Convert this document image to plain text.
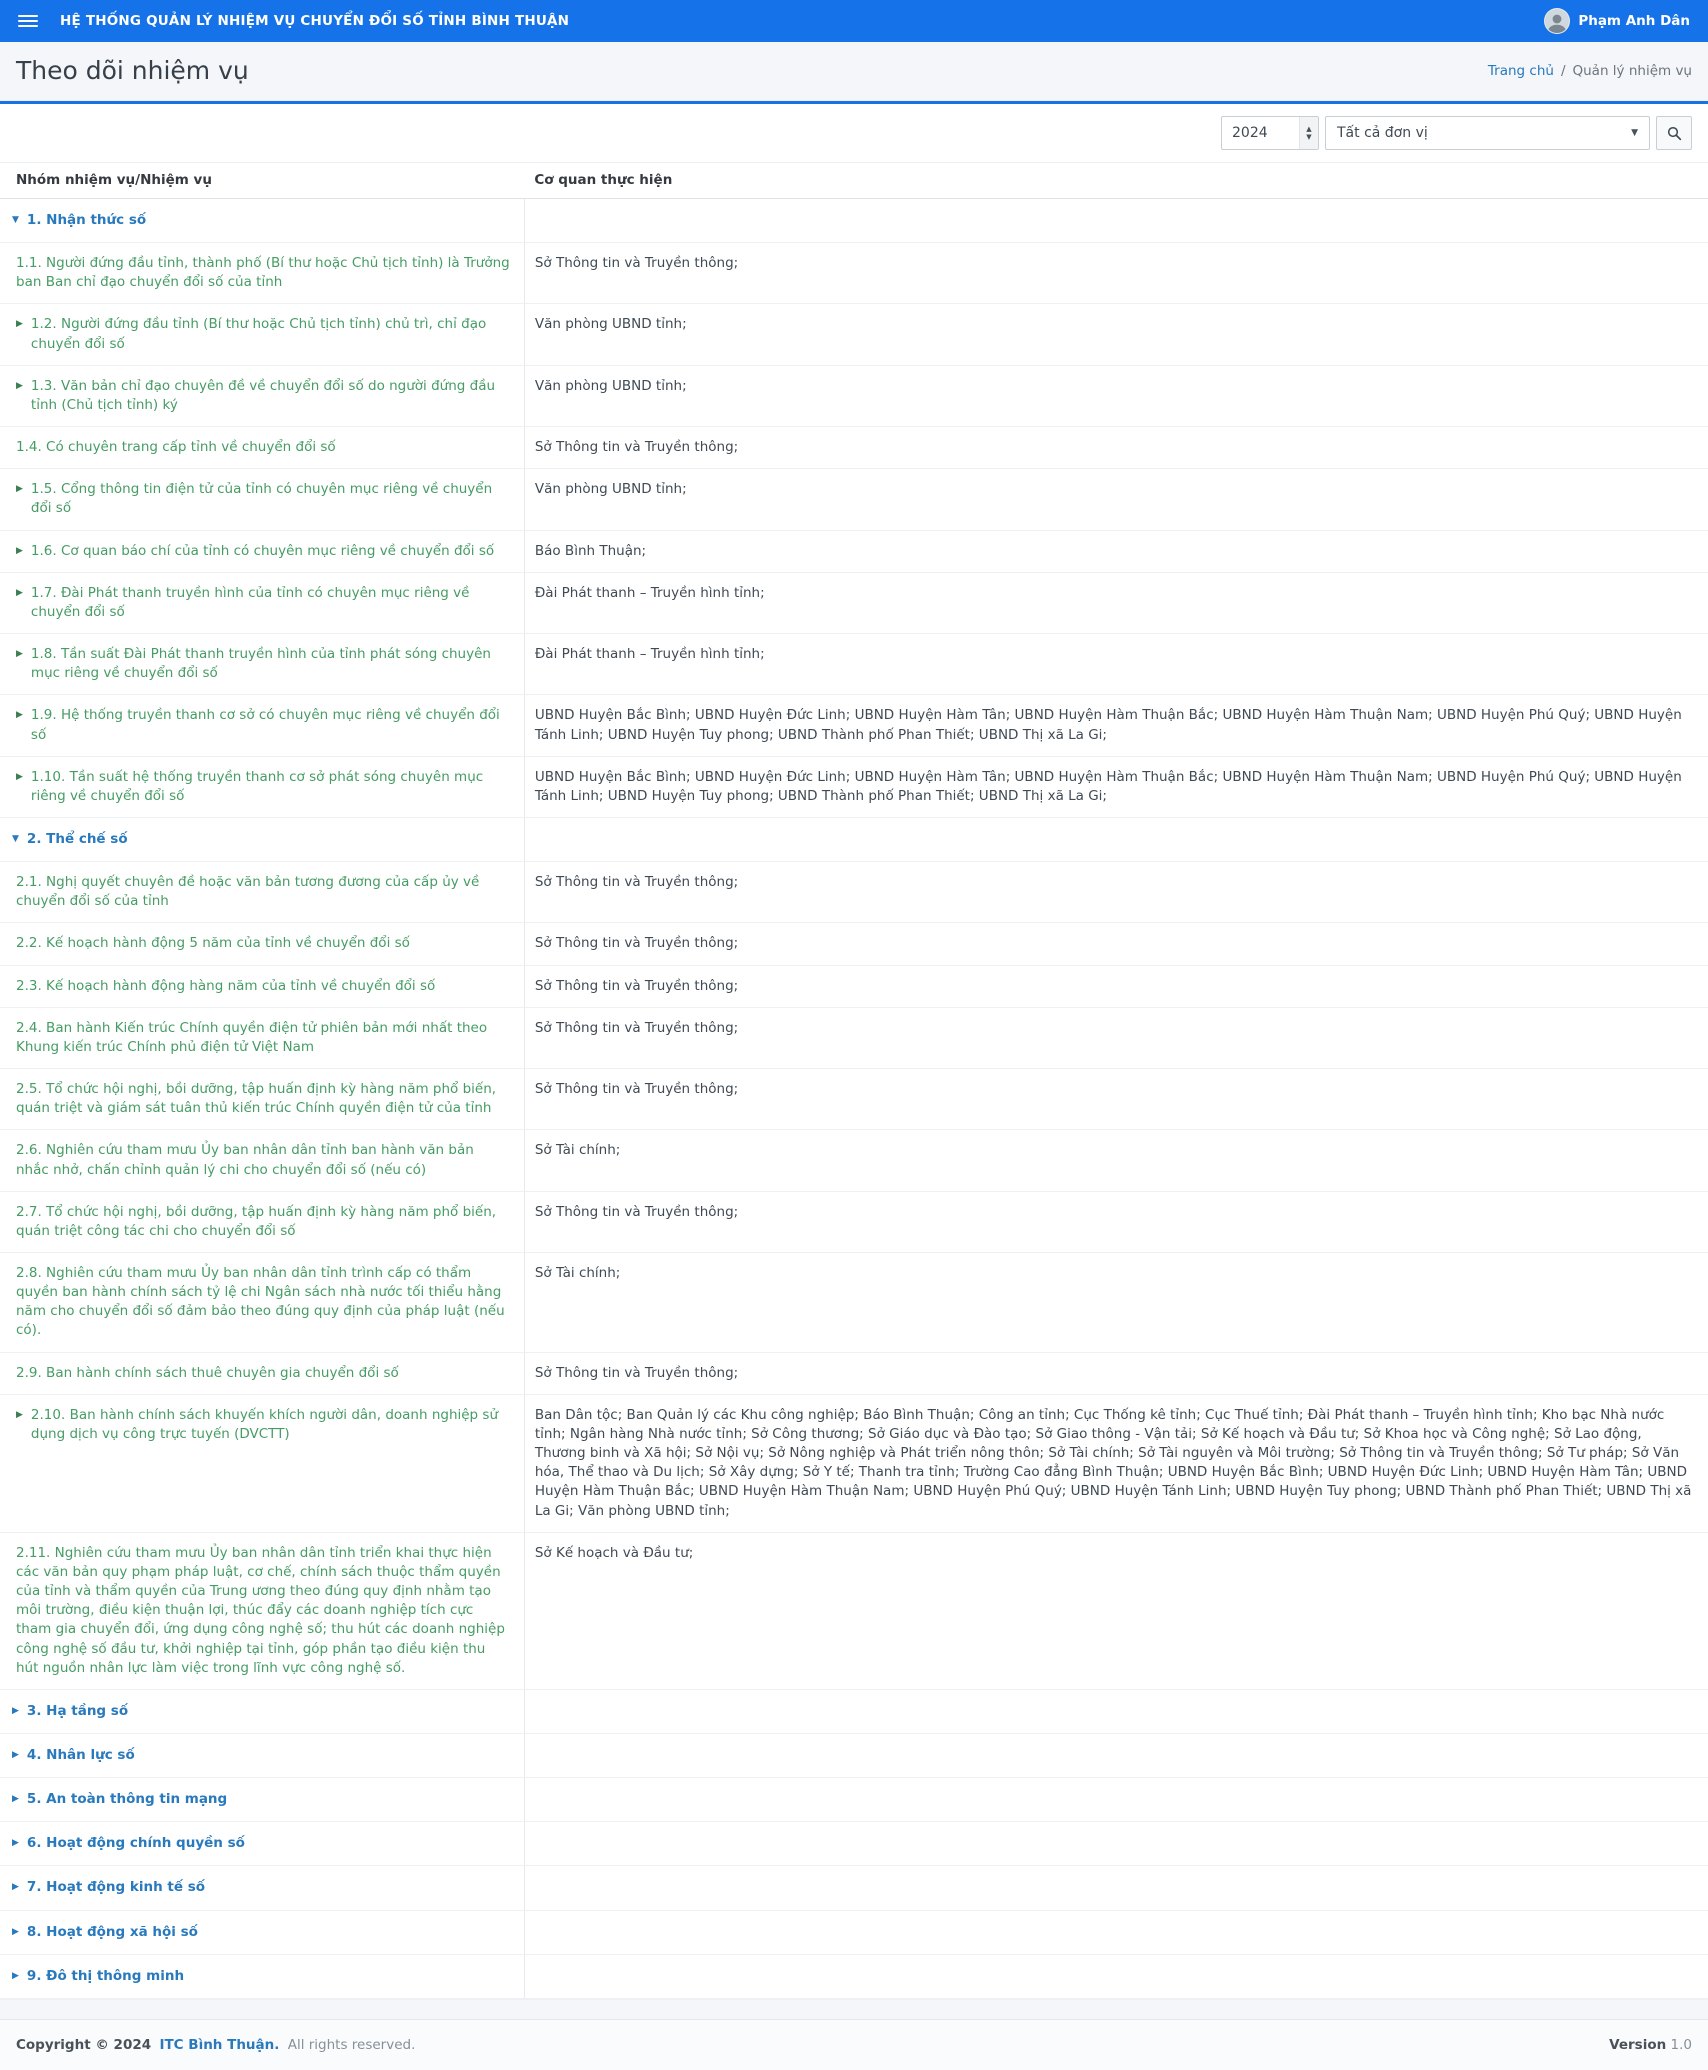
HỆ THỐNG QUẢN LÝ NHIỆM VỤ CHUYỂN ĐỔI SỐ TỈNH BÌNH THUẬN	Phạm Anh Dân
Theo dõi nhiệm vụ	Trang chủ / Quản lý nhiệm vụ
2024	▲
▼ Tất cả đơn vị	▼
Nhóm nhiệm vụ/Nhiệm vụ	Cơ quan thực hiện

▼ 1. Nhận thức số	

1.1. Người đứng đầu tỉnh, thành phố (Bí thư hoặc Chủ tịch tỉnh) là Trưởng ban Ban chỉ đạo chuyển đổi số của tỉnh	Sở Thông tin và Truyền thông;

▶ 1.2. Người đứng đầu tỉnh (Bí thư hoặc Chủ tịch tỉnh) chủ trì, chỉ đạo chuyển đổi số	Văn phòng UBND tỉnh;

▶ 1.3. Văn bản chỉ đạo chuyên đề về chuyển đổi số do người đứng đầu tỉnh (Chủ tịch tỉnh) ký	Văn phòng UBND tỉnh;

1.4. Có chuyên trang cấp tỉnh về chuyển đổi số	Sở Thông tin và Truyền thông;

▶ 1.5. Cổng thông tin điện tử của tỉnh có chuyên mục riêng về chuyển đổi số	Văn phòng UBND tỉnh;

▶ 1.6. Cơ quan báo chí của tỉnh có chuyên mục riêng về chuyển đổi số	Báo Bình Thuận;

▶ 1.7. Đài Phát thanh truyền hình của tỉnh có chuyên mục riêng về chuyển đổi số	Đài Phát thanh – Truyền hình tỉnh;

▶ 1.8. Tần suất Đài Phát thanh truyền hình của tỉnh phát sóng chuyên mục riêng về chuyển đổi số	Đài Phát thanh – Truyền hình tỉnh;

▶ 1.9. Hệ thống truyền thanh cơ sở có chuyên mục riêng về chuyển đổi số	UBND Huyện Bắc Bình; UBND Huyện Đức Linh; UBND Huyện Hàm Tân; UBND Huyện Hàm Thuận Bắc; UBND Huyện Hàm Thuận Nam; UBND Huyện Phú Quý; UBND Huyện Tánh Linh; UBND Huyện Tuy phong; UBND Thành phố Phan Thiết; UBND Thị xã La Gi;

▶ 1.10. Tần suất hệ thống truyền thanh cơ sở phát sóng chuyên mục riêng về chuyển đổi số	UBND Huyện Bắc Bình; UBND Huyện Đức Linh; UBND Huyện Hàm Tân; UBND Huyện Hàm Thuận Bắc; UBND Huyện Hàm Thuận Nam; UBND Huyện Phú Quý; UBND Huyện Tánh Linh; UBND Huyện Tuy phong; UBND Thành phố Phan Thiết; UBND Thị xã La Gi;

▼ 2. Thể chế số	

2.1. Nghị quyết chuyên đề hoặc văn bản tương đương của cấp ủy về chuyển đổi số của tỉnh	Sở Thông tin và Truyền thông;

2.2. Kế hoạch hành động 5 năm của tỉnh về chuyển đổi số	Sở Thông tin và Truyền thông;

2.3. Kế hoạch hành động hàng năm của tỉnh về chuyển đổi số	Sở Thông tin và Truyền thông;

2.4. Ban hành Kiến trúc Chính quyền điện tử phiên bản mới nhất theo Khung kiến trúc Chính phủ điện tử Việt Nam	Sở Thông tin và Truyền thông;

2.5. Tổ chức hội nghị, bồi dưỡng, tập huấn định kỳ hàng năm phổ biến, quán triệt và giám sát tuân thủ kiến trúc Chính quyền điện tử của tỉnh	Sở Thông tin và Truyền thông;

2.6. Nghiên cứu tham mưu Ủy ban nhân dân tỉnh ban hành văn bản nhắc nhở, chấn chỉnh quản lý chi cho chuyển đổi số (nếu có)	Sở Tài chính;

2.7. Tổ chức hội nghị, bồi dưỡng, tập huấn định kỳ hàng năm phổ biến, quán triệt công tác chi cho chuyển đổi số	Sở Thông tin và Truyền thông;

2.8. Nghiên cứu tham mưu Ủy ban nhân dân tỉnh trình cấp có thẩm quyền ban hành chính sách tỷ lệ chi Ngân sách nhà nước tối thiểu hằng năm cho chuyển đổi số đảm bảo theo đúng quy định của pháp luật (nếu có).	Sở Tài chính;

2.9. Ban hành chính sách thuê chuyên gia chuyển đổi số	Sở Thông tin và Truyền thông;

▶ 2.10. Ban hành chính sách khuyến khích người dân, doanh nghiệp sử dụng dịch vụ công trực tuyến (DVCTT)	Ban Dân tộc; Ban Quản lý các Khu công nghiệp; Báo Bình Thuận; Công an tỉnh; Cục Thống kê tỉnh; Cục Thuế tỉnh; Đài Phát thanh – Truyền hình tỉnh; Kho bạc Nhà nước tỉnh; Ngân hàng Nhà nước tỉnh; Sở Công thương; Sở Giáo dục và Đào tạo; Sở Giao thông - Vận tải; Sở Kế hoạch và Đầu tư; Sở Khoa học và Công nghệ; Sở Lao động, Thương binh và Xã hội; Sở Nội vụ; Sở Nông nghiệp và Phát triển nông thôn; Sở Tài chính; Sở Tài nguyên và Môi trường; Sở Thông tin và Truyền thông; Sở Tư pháp; Sở Văn hóa, Thể thao và Du lịch; Sở Xây dựng; Sở Y tế; Thanh tra tỉnh; Trường Cao đẳng Bình Thuận; UBND Huyện Bắc Bình; UBND Huyện Đức Linh; UBND Huyện Hàm Tân; UBND Huyện Hàm Thuận Bắc; UBND Huyện Hàm Thuận Nam; UBND Huyện Phú Quý; UBND Huyện Tánh Linh; UBND Huyện Tuy phong; UBND Thành phố Phan Thiết; UBND Thị xã La Gi; Văn phòng UBND tỉnh;

2.11. Nghiên cứu tham mưu Ủy ban nhân dân tỉnh triển khai thực hiện các văn bản quy phạm pháp luật, cơ chế, chính sách thuộc thẩm quyền của tỉnh và thẩm quyền của Trung ương theo đúng quy định nhằm tạo môi trường, điều kiện thuận lợi, thúc đẩy các doanh nghiệp tích cực tham gia chuyển đổi, ứng dụng công nghệ số; thu hút các doanh nghiệp công nghệ số đầu tư, khởi nghiệp tại tỉnh, góp phần tạo điều kiện thu hút nguồn nhân lực làm việc trong lĩnh vực công nghệ số.	Sở Kế hoạch và Đầu tư;

▶ 3. Hạ tầng số	

▶ 4. Nhân lực số	

▶ 5. An toàn thông tin mạng	

▶ 6. Hoạt động chính quyền số	

▶ 7. Hoạt động kinh tế số	

▶ 8. Hoạt động xã hội số	

▶ 9. Đô thị thông minh	

Copyright © 2024 ITC Bình Thuận. All rights reserved.	Version 1.0
